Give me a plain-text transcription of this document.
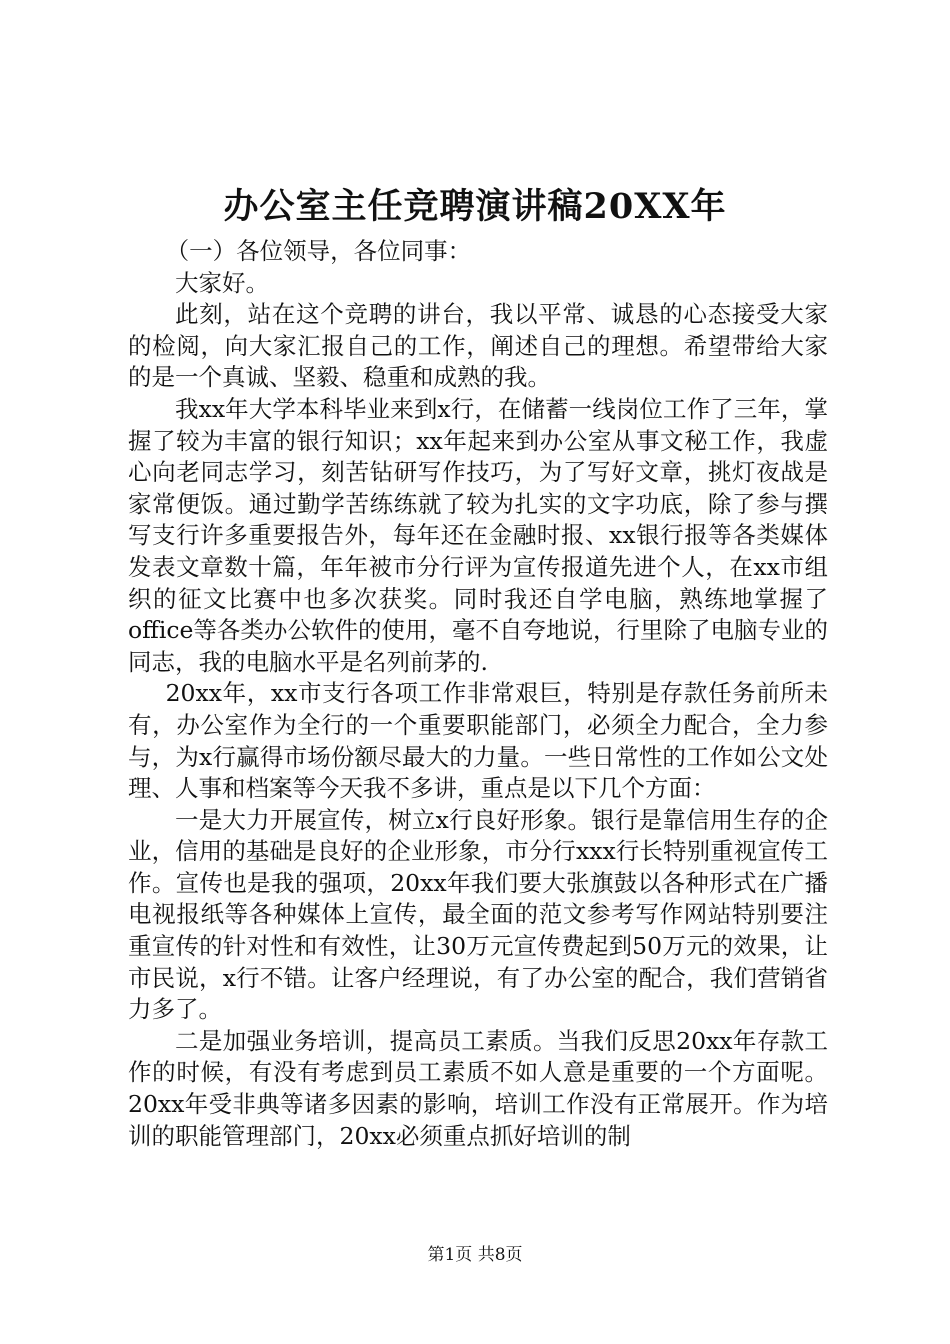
办公室主任竞聘演讲稿20XX年

（一）各位领导，各位同事：

大家好。

此刻，站在这个竞聘的讲台，我以平常、诚恳的心态接受大家的检阅，向大家汇报自己的工作，阐述自己的理想。希望带给大家的是一个真诚、坚毅、稳重和成熟的我。

我xx年大学本科毕业来到x行，在储蓄一线岗位工作了三年，掌握了较为丰富的银行知识；xx年起来到办公室从事文秘工作，我虚心向老同志学习，刻苦钻研写作技巧，为了写好文章，挑灯夜战是家常便饭。通过勤学苦练练就了较为扎实的文字功底，除了参与撰写支行许多重要报告外，每年还在金融时报、xx银行报等各类媒体发表文章数十篇，年年被市分行评为宣传报道先进个人，在xx市组织的征文比赛中也多次获奖。同时我还自学电脑，熟练地掌握了office等各类办公软件的使用，毫不自夸地说，行里除了电脑专业的同志，我的电脑水平是名列前茅的.

20xx年，xx市支行各项工作非常艰巨，特别是存款任务前所未有，办公室作为全行的一个重要职能部门，必须全力配合，全力参与，为x行赢得市场份额尽最大的力量。一些日常性的工作如公文处理、人事和档案等今天我不多讲，重点是以下几个方面：

一是大力开展宣传，树立x行良好形象。银行是靠信用生存的企业，信用的基础是良好的企业形象，市分行xxx行长特别重视宣传工作。宣传也是我的强项，20xx年我们要大张旗鼓以各种形式在广播电视报纸等各种媒体上宣传，最全面的范文参考写作网站特别要注重宣传的针对性和有效性，让30万元宣传费起到50万元的效果，让市民说，x行不错。让客户经理说，有了办公室的配合，我们营销省力多了。

二是加强业务培训，提高员工素质。当我们反思20xx年存款工作的时候，有没有考虑到员工素质不如人意是重要的一个方面呢。20xx年受非典等诸多因素的影响，培训工作没有正常展开。作为培训的职能管理部门，20xx必须重点抓好培训的制

第1页 共8页
